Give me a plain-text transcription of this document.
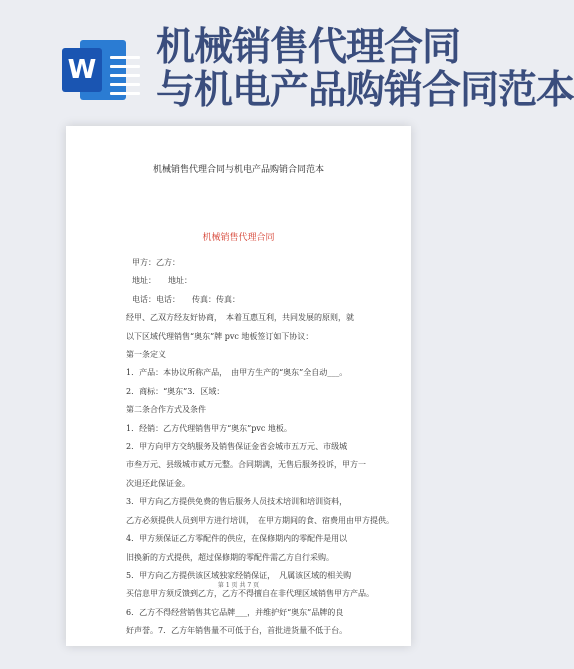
W 机械销售代理合同
与机电产品购销合同范本
机械销售代理合同与机电产品购销合同范本
机械销售代理合同

甲方：乙方：

地址：　　地址：

电话：电话：　　传真：传真：

经甲、乙双方经友好协商，　本着互惠互利，共同发展的原则，就

以下区域代理销售“奥东”牌 pvc 地板签订如下协议：

第一条定义

1．产品：本协议所称产品，　由甲方生产的“奥东”全自动___。

2．商标：“奥东”3．区域：

第二条合作方式及条件

1．经销：乙方代理销售甲方“奥东”pvc 地板。

2．甲方向甲方交纳服务及销售保证金省会城市五万元、市级城

市叁万元、县级城市贰万元整。合同期满，无售后服务投诉，甲方一

次退还此保证金。

3．甲方向乙方提供免费的售后服务人员技术培训和培训资料，

乙方必须提供人员到甲方进行培训，　在甲方期间的食、宿费用由甲方提供。

4．甲方须保证乙方零配件的供应，在保修期内的零配件是用以

旧换新的方式提供，超过保修期的零配件需乙方自行采购。

5．甲方向乙方提供该区域独家经销保证，　凡属该区域的相关购

买信息甲方须反馈到乙方，乙方不得擅自在非代理区域销售甲方产品。

6．乙方不得经营销售其它品牌___，并维护好“奥东”品牌的良

好声誉。7．乙方年销售量不可低于台，首批进货量不低于台。

第 1 页 共 7 页
